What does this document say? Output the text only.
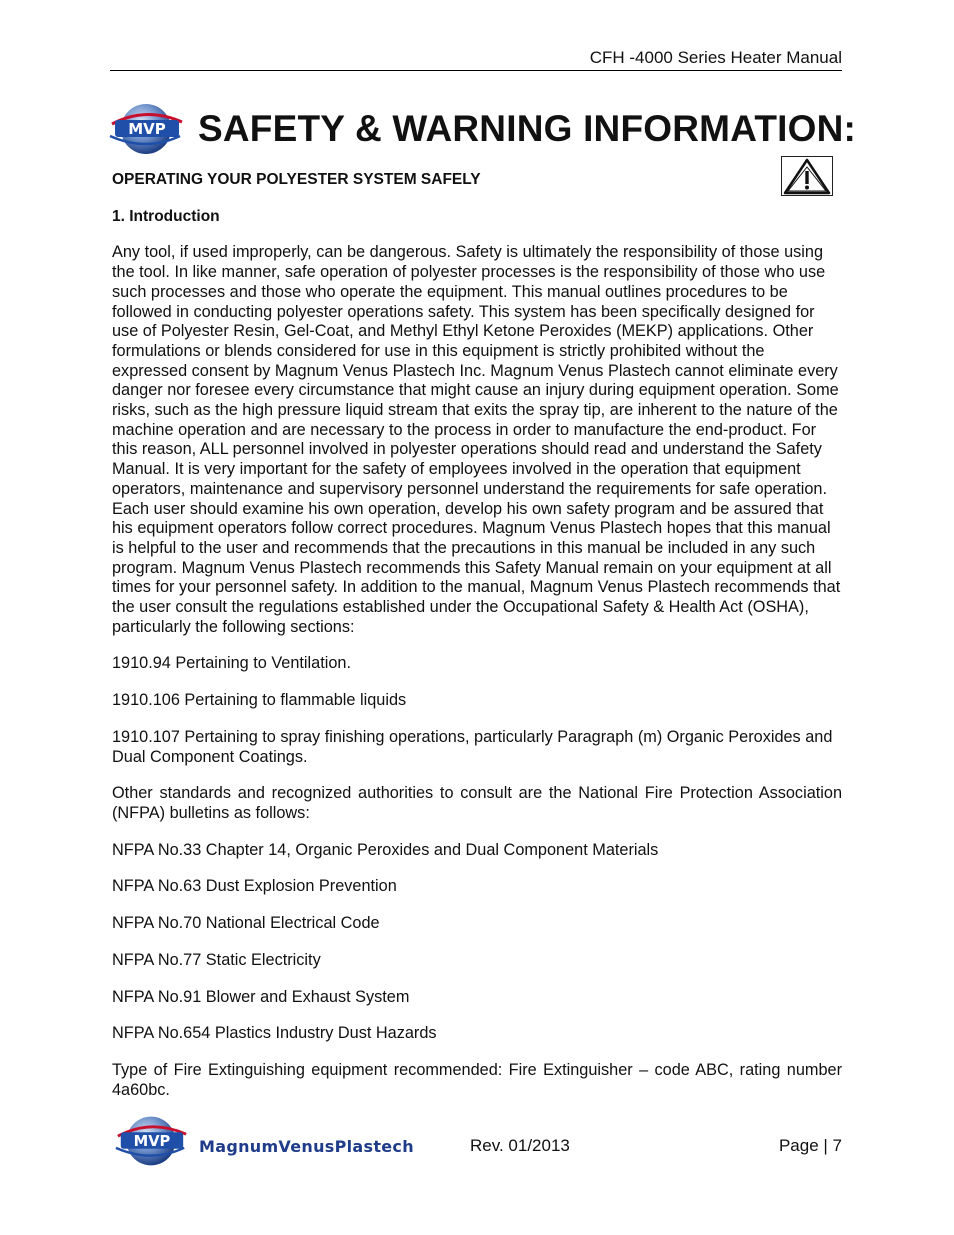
CFH -4000 Series Heater Manual
MVP SAFETY & WARNING INFORMATION:

OPERATING YOUR POLYESTER SYSTEM SAFELY

1. Introduction

Any tool, if used improperly, can be dangerous. Safety is ultimately the responsibility of those using the tool. In like manner, safe operation of polyester processes is the responsibility of those who use such processes and those who operate the equipment. This manual outlines procedures to be followed in conducting polyester operations safety. This system has been specifically designed for use of Polyester Resin, Gel-Coat, and Methyl Ethyl Ketone Peroxides (MEKP) applications. Other formulations or blends considered for use in this equipment is strictly prohibited without the expressed consent by Magnum Venus Plastech Inc. Magnum Venus Plastech cannot eliminate every danger nor foresee every circumstance that might cause an injury during equipment operation. Some risks, such as the high pressure liquid stream that exits the spray tip, are inherent to the nature of the machine operation and are necessary to the process in order to manufacture the end-product. For this reason, ALL personnel involved in polyester operations should read and understand the Safety Manual. It is very important for the safety of employees involved in the operation that equipment operators, maintenance and supervisory personnel understand the requirements for safe operation. Each user should examine his own operation, develop his own safety program and be assured that his equipment operators follow correct procedures. Magnum Venus Plastech hopes that this manual is helpful to the user and recommends that the precautions in this manual be included in any such program. Magnum Venus Plastech recommends this Safety Manual remain on your equipment at all times for your personnel safety. In addition to the manual, Magnum Venus Plastech recommends that the user consult the regulations established under the Occupational Safety & Health Act (OSHA), particularly the following sections:

1910.94 Pertaining to Ventilation.

1910.106 Pertaining to flammable liquids

1910.107 Pertaining to spray finishing operations, particularly Paragraph (m) Organic Peroxides and Dual Component Coatings.

Other standards and recognized authorities to consult are the National Fire Protection Association (NFPA) bulletins as follows:

NFPA No.33 Chapter 14, Organic Peroxides and Dual Component Materials

NFPA No.63 Dust Explosion Prevention

NFPA No.70 National Electrical Code

NFPA No.77 Static Electricity

NFPA No.91 Blower and Exhaust System

NFPA No.654 Plastics Industry Dust Hazards

Type of Fire Extinguishing equipment recommended: Fire Extinguisher – code ABC, rating number 4a60bc.

MVP MagnumVenusPlastech	Rev. 01/2013	Page | 7
